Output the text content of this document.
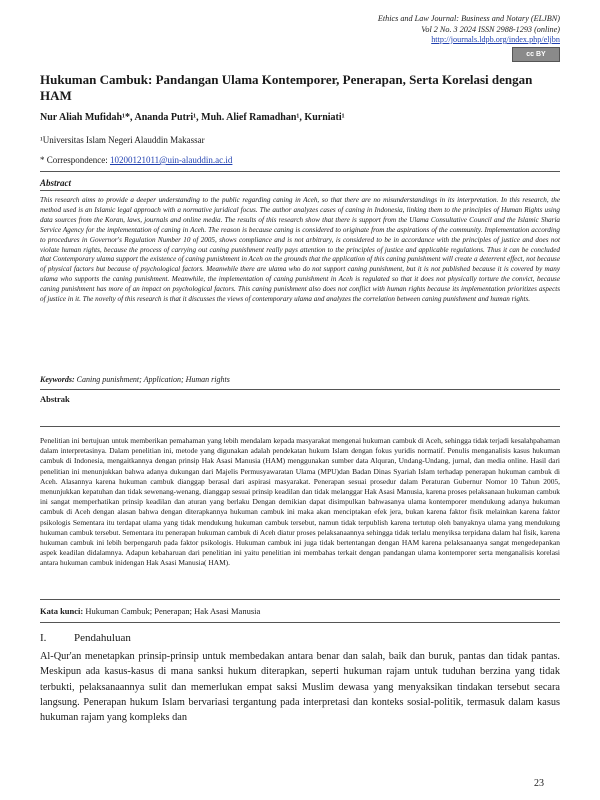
Ethics and Law Journal: Business and Notary (ELJBN)
Vol 2 No. 3 2024 ISSN 2988-1293 (online)
http://journals.ldpb.org/index.php/eljbn
cc BY
Hukuman Cambuk: Pandangan Ulama Kontemporer, Penerapan, Serta Korelasi dengan HAM
Nur Aliah Mufidah¹*, Ananda Putri¹, Muh. Alief Ramadhan¹, Kurniati¹
¹Universitas Islam Negeri Alauddin Makassar
* Correspondence: 10200121011@uin-alauddin.ac.id
Abstract

This research aims to provide a deeper understanding to the public regarding caning in Aceh, so that there are no misunderstandings in its interpretation. In this research, the method used is an Islamic legal approach with a normative juridical focus. The author analyzes cases of caning in Indonesia, linking them to the principles of Human Rights using data sources from the Koran, laws, journals and online media. The results of this research show that there is support from the Ulama Consultative Council and the Islamic Sharia Service Agency for the implementation of caning in Aceh. The reason is because caning is considered to originate from the aspirations of the community. Implementation according to procedures in Governor's Regulation Number 10 of 2005, shows compliance and is not arbitrary, is considered to be in accordance with the principles of justice and does not violate human rights, because the process of carrying out caning punishment really pays attention to the principles of justice and applicable regulations. Thus it can be concluded that Contemporary ulama support the existence of caning punishment in Aceh on the grounds that the application of this caning punishment will create a deterrent effect, not because of physical factors but because of psychological factors. Meanwhile there are ulama who do not support caning punishment, but it is not published because it is covered by many ulama who supports the caning punishment. Meanwhile, the implementation of caning punishment in Aceh is regulated so that it does not physically torture the convict, because caning punishment has more of an impact on psychological factors. This caning punishment also does not conflict with human rights because its implementation prioritizes aspects of justice in it. The novelty of this research is that it discusses the views of contemporary ulama and analyzes the correlation between caning punishment and human rights.

Keywords: Caning punishment; Application; Human rights
Abstrak

Penelitian ini bertujuan untuk memberikan pemahaman yang lebih mendalam kepada masyarakat mengenai hukuman cambuk di Aceh, sehingga tidak terjadi kesalahpahaman dalam interpretasinya. Dalam penelitian ini, metode yang digunakan adalah pendekatan hukum Islam dengan fokus yuridis normatif. Penulis menganalisis kasus hukuman cambuk di Indonesia, mengaitkannya dengan prinsip Hak Asasi Manusia (HAM) menggunakan sumber data Alquran, Undang-Undang, jurnal, dan media online. Hasil dari penelitian ini menunjukkan bahwa adanya dukungan dari Majelis Permusyawaratan Ulama (MPU)dan Badan Dinas Syariah Islam terhadap penerapan hukuman cambuk di Aceh. Alasannya karena hukuman cambuk dianggap berasal dari aspirasi masyarakat. Penerapan sesuai prosedur dalam Peraturan Gubernur Nomor 10 Tahun 2005, menunjukkan kepatuhan dan tidak sewenang-wenang, dianggap sesuai prinsip keadilan dan tidak melanggar Hak Asasi Manusia, karena proses pelaksanaan hukuman cambuk ini sangat memperhatikan prinsip keadilan dan aturan yang berlaku Dengan demikian dapat disimpulkan bahwasanya ulama kontemporer mendukung adanya hukuman cambuk di Aceh dengan alasan bahwa dengan diterapkannya hukuman cambuk ini maka akan menciptakan efek jera, bukan karena faktor fisik melainkan karena faktor psikologis Sementara itu terdapat ulama yang tidak mendukung hukuman cambuk tersebut, namun tidak terpublish karena tertutup oleh banyaknya ulama yang mendukung hukuman cambuk tersebut. Sementara itu penerapan hukuman cambuk di Aceh diatur proses pelaksanaannya sehingga tidak terlalu menyiksa terpidana dalam hal fisik, karena hukuman cambuk ini lebih berpengaruh pada faktor psikologis. Hukuman cambuk ini juga tidak bertentangan dengan HAM karena pelaksanaanya sangat mengedepankan aspek keadilan didalamnya. Adapun kebaharuan dari penelitian ini yaitu penelitian ini membahas terkait dengan pandangan ulama kontemporer serta menganalisis korelasi antara hukuman cambuk inidengan Hak Asasi Manusia( HAM).

Kata kunci: Hukuman Cambuk; Penerapan; Hak Asasi Manusia
I.	Pendahuluan

Al-Qur'an menetapkan prinsip-prinsip untuk membedakan antara benar dan salah, baik dan buruk, pantas dan tidak pantas. Meskipun ada kasus-kasus di mana sanksi hukum diterapkan, seperti hukuman rajam untuk tuduhan berzina yang tidak terbukti, pelaksanaannya sulit dan memerlukan empat saksi Muslim dewasa yang menyaksikan tindakan tersebut secara langsung. Penerapan hukum Islam bervariasi tergantung pada interpretasi dan konteks sosial-politik, termasuk dalam kasus hukuman rajam yang kompleks dan

23
